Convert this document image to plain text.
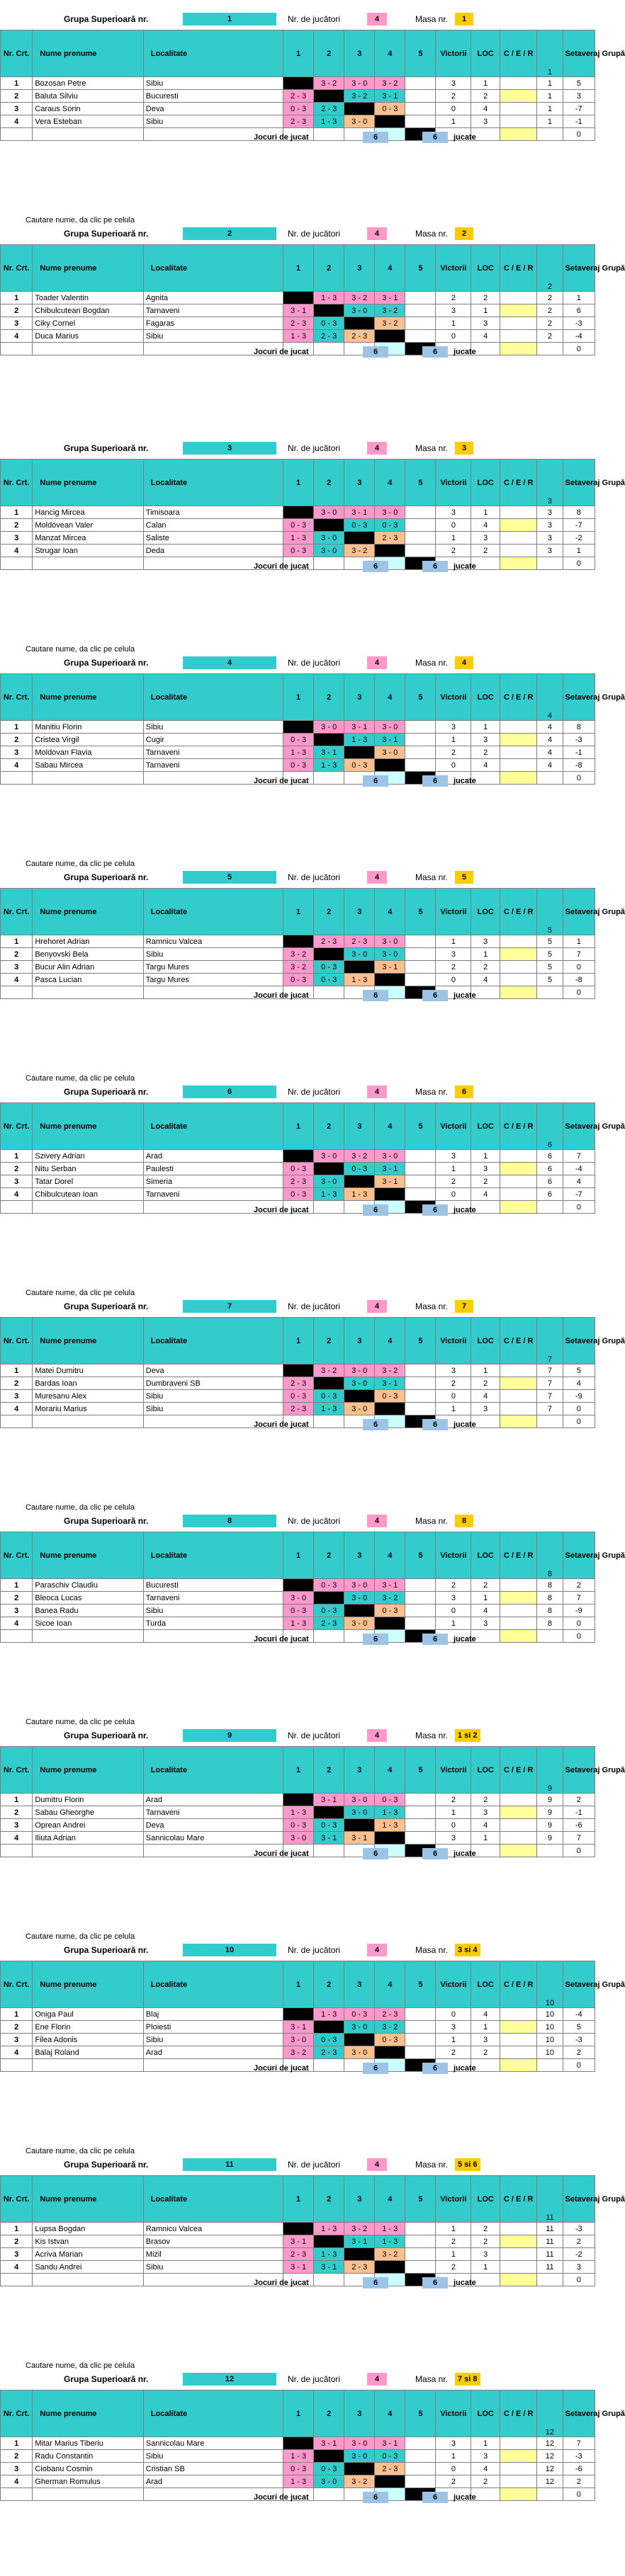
Grupa Superioară nr.	1	Nr. de jucători	4	Masa nr.	1
Nr. Crt.	Nume prenume	Localitate	1	2	3	4	5	Victorii	LOC	C / E / R	1	Setaveraj Grupă
1	Bozosan Petre	Sibiu		3 - 2	3 - 0	3 - 2		3	1		1	5
2	Baluta Silviu	Bucuresti	2 - 3		3 - 2	3 - 1		2	2		1	3
3	Caraus Sorin	Deva	0 - 3	2 - 3		0 - 3		0	4		1	-7
4	Vera Esteban	Sibiu	2 - 3	1 - 3	3 - 0			1	3		1	-1
												0
Jocuri de jucat	6	6	jucate
Cautare nume, da clic pe celula
Grupa Superioară nr.	2	Nr. de jucători	4	Masa nr.	2
Nr. Crt.	Nume prenume	Localitate	1	2	3	4	5	Victorii	LOC	C / E / R	2	Setaveraj Grupă
1	Toader Valentin	Agnita		1 - 3	3 - 2	3 - 1		2	2		2	1
2	Chibulcutean Bogdan	Tarnaveni	3 - 1		3 - 0	3 - 2		3	1		2	6
3	Ciky Cornel	Fagaras	2 - 3	0 - 3		3 - 2		1	3		2	-3
4	Duca Marius	Sibiu	1 - 3	2 - 3	2 - 3			0	4		2	-4
												0
Jocuri de jucat	6	6	jucate
Grupa Superioară nr.	3	Nr. de jucători	4	Masa nr.	3
Nr. Crt.	Nume prenume	Localitate	1	2	3	4	5	Victorii	LOC	C / E / R	3	Setaveraj Grupă
1	Hancig Mircea	Timisoara		3 - 0	3 - 1	3 - 0		3	1		3	8
2	Moldovean Valer	Calan	0 - 3		0 - 3	0 - 3		0	4		3	-7
3	Manzat Mircea	Saliste	1 - 3	3 - 0		2 - 3		1	3		3	-2
4	Strugar Ioan	Deda	0 - 3	3 - 0	3 - 2			2	2		3	1
												0
Jocuri de jucat	6	6	jucate
Cautare nume, da clic pe celula
Grupa Superioară nr.	4	Nr. de jucători	4	Masa nr.	4
Nr. Crt.	Nume prenume	Localitate	1	2	3	4	5	Victorii	LOC	C / E / R	4	Setaveraj Grupă
1	Manitiu Florin	Sibiu		3 - 0	3 - 1	3 - 0		3	1		4	8
2	Cristea Virgil	Cugir	0 - 3		1 - 3	3 - 1		1	3		4	-3
3	Moldovan Flavia	Tarnaveni	1 - 3	3 - 1		3 - 0		2	2		4	-1
4	Sabau Mircea	Tarnaveni	0 - 3	1 - 3	0 - 3			0	4		4	-8
												0
Jocuri de jucat	6	6	jucate
Cautare nume, da clic pe celula
Grupa Superioară nr.	5	Nr. de jucători	4	Masa nr.	5
Nr. Crt.	Nume prenume	Localitate	1	2	3	4	5	Victorii	LOC	C / E / R	5	Setaveraj Grupă
1	Hrehoret Adrian	Ramnicu Valcea		2 - 3	2 - 3	3 - 0		1	3		5	1
2	Benyovski Bela	Sibiu	3 - 2		3 - 0	3 - 0		3	1		5	7
3	Bucur Alin Adrian	Targu Mures	3 - 2	0 - 3		3 - 1		2	2		5	0
4	Pasca Lucian	Targu Mures	0 - 3	0 - 3	1 - 3			0	4		5	-8
												0
Jocuri de jucat	6	6	jucate
Cautare nume, da clic pe celula
Grupa Superioară nr.	6	Nr. de jucători	4	Masa nr.	6
Nr. Crt.	Nume prenume	Localitate	1	2	3	4	5	Victorii	LOC	C / E / R	6	Setaveraj Grupă
1	Szivery Adrian	Arad		3 - 0	3 - 2	3 - 0		3	1		6	7
2	Nitu Serban	Paulesti	0 - 3		0 - 3	3 - 1		1	3		6	-4
3	Tatar Dorel	Simeria	2 - 3	3 - 0		3 - 1		2	2		6	4
4	Chibulcutean Ioan	Tarnaveni	0 - 3	1 - 3	1 - 3			0	4		6	-7
												0
Jocuri de jucat	6	6	jucate
Cautare nume, da clic pe celula
Grupa Superioară nr.	7	Nr. de jucători	4	Masa nr.	7
Nr. Crt.	Nume prenume	Localitate	1	2	3	4	5	Victorii	LOC	C / E / R	7	Setaveraj Grupă
1	Matei Dumitru	Deva		3 - 2	3 - 0	3 - 2		3	1		7	5
2	Bardas Ioan	Dumbraveni SB	2 - 3		3 - 0	3 - 1		2	2		7	4
3	Muresanu Alex	Sibiu	0 - 3	0 - 3		0 - 3		0	4		7	-9
4	Morariu Marius	Sibiu	2 - 3	1 - 3	3 - 0			1	3		7	0
												0
Jocuri de jucat	6	6	jucate
Cautare nume, da clic pe celula
Grupa Superioară nr.	8	Nr. de jucători	4	Masa nr.	8
Nr. Crt.	Nume prenume	Localitate	1	2	3	4	5	Victorii	LOC	C / E / R	8	Setaveraj Grupă
1	Paraschiv Claudiu	Bucuresti		0 - 3	3 - 0	3 - 1		2	2		8	2
2	Bleoca Lucas	Tarnaveni	3 - 0		3 - 0	3 - 2		3	1		8	7
3	Banea Radu	Sibiu	0 - 3	0 - 3		0 - 3		0	4		8	-9
4	Sicoe Ioan	Turda	1 - 3	2 - 3	3 - 0			1	3		8	0
												0
Jocuri de jucat	6	6	jucate
Cautare nume, da clic pe celula
Grupa Superioară nr.	9	Nr. de jucători	4	Masa nr.	1 si 2
Nr. Crt.	Nume prenume	Localitate	1	2	3	4	5	Victorii	LOC	C / E / R	9	Setaveraj Grupă
1	Dumitru Florin	Arad		3 - 1	3 - 0	0 - 3		2	2		9	2
2	Sabau Gheorghe	Tarnaveni	1 - 3		3 - 0	1 - 3		1	3		9	-1
3	Oprean Andrei	Deva	0 - 3	0 - 3		1 - 3		0	4		9	-6
4	Iliuta Adrian	Sannicolau Mare	3 - 0	3 - 1	3 - 1			3	1		9	7
												0
Jocuri de jucat	6	6	jucate
Cautare nume, da clic pe celula
Grupa Superioară nr.	10	Nr. de jucători	4	Masa nr.	3 si 4
Nr. Crt.	Nume prenume	Localitate	1	2	3	4	5	Victorii	LOC	C / E / R	10	Setaveraj Grupă
1	Oniga Paul	Blaj		1 - 3	0 - 3	2 - 3		0	4		10	-4
2	Ene Florin	Ploiesti	3 - 1		3 - 0	3 - 2		3	1		10	5
3	Filea Adonis	Sibiu	3 - 0	0 - 3		0 - 3		1	3		10	-3
4	Balaj Roland	Arad	3 - 2	2 - 3	3 - 0			2	2		10	2
												0
Jocuri de jucat	6	6	jucate
Cautare nume, da clic pe celula
Grupa Superioară nr.	11	Nr. de jucători	4	Masa nr.	5 si 6
Nr. Crt.	Nume prenume	Localitate	1	2	3	4	5	Victorii	LOC	C / E / R	11	Setaveraj Grupă
1	Lupsa Bogdan	Ramnicu Valcea		1 - 3	3 - 2	1 - 3		1	2		11	-3
2	Kis Istvan	Brasov	3 - 1		3 - 1	1 - 3		2	2		11	2
3	Acriva Marian	Mizil	2 - 3	1 - 3		3 - 2		1	3		11	-2
4	Sandu Andrei	Sibiu	3 - 1	3 - 1	2 - 3			2	1		11	3
												0
Jocuri de jucat	6	6	jucate
Cautare nume, da clic pe celula
Grupa Superioară nr.	12	Nr. de jucători	4	Masa nr.	7 si 8
Nr. Crt.	Nume prenume	Localitate	1	2	3	4	5	Victorii	LOC	C / E / R	12	Setaveraj Grupă
1	Mitar Marius Tiberiu	Sannicolau Mare		3 - 1	3 - 0	3 - 1		3	1		12	7
2	Radu Constantin	Sibiu	1 - 3		3 - 0	0 - 3		1	3		12	-3
3	Ciobanu Cosmin	Cristian SB	0 - 3	0 - 3		2 - 3		0	4		12	-6
4	Gherman Romulus	Arad	1 - 3	3 - 0	3 - 2			2	2		12	2
												0
Jocuri de jucat	6	6	jucate
